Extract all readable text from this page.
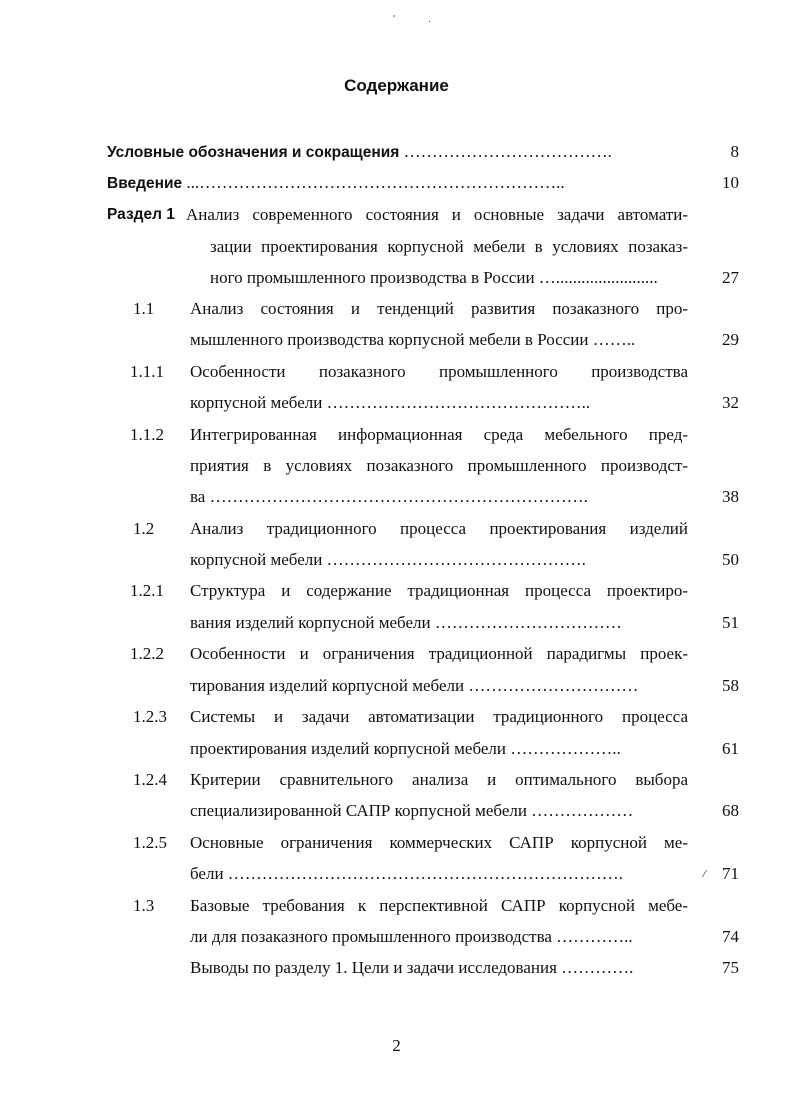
'	.
Содержание
Условные обозначения и сокращения ……………………………….	8
Введение ...………………………………………………………..	10
Раздел 1 Анализ современного состояния и основные задачи автомати-
зации проектирования корпусной мебели в условиях позаказ-
ного промышленного производства в России …........................	27
1.1 Анализ состояния и тенденций развития позаказного про-
мышленного производства корпусной мебели в России ……..	29
1.1.1 Особенности позаказного промышленного производства
корпусной мебели ………………………………………..	32
1.1.2 Интегрированная информационная среда мебельного пред-
приятия в условиях позаказного промышленного производст-
ва ………………………………………………………….	38
1.2 Анализ традиционного процесса проектирования изделий
корпусной мебели ……………………………………….	50
1.2.1 Структура и содержание традиционная процесса проектиро-
вания изделий корпусной мебели ……………………………	51
1.2.2 Особенности и ограничения традиционной парадигмы проек-
тирования изделий корпусной мебели …………………………	58
1.2.3 Системы и задачи автоматизации традиционного процесса
проектирования изделий корпусной мебели ………………..	61
1.2.4 Критерии сравнительного анализа и оптимального выбора
специализированной САПР корпусной мебели ………………	68
1.2.5 Основные ограничения коммерческих САПР корпусной ме-
бели …………………………………………………………….	⁄ 71
1.3 Базовые требования к перспективной САПР корпусной мебе-
ли для позаказного промышленного производства …………..	74
Выводы по разделу 1. Цели и задачи исследования ………….	75
2
